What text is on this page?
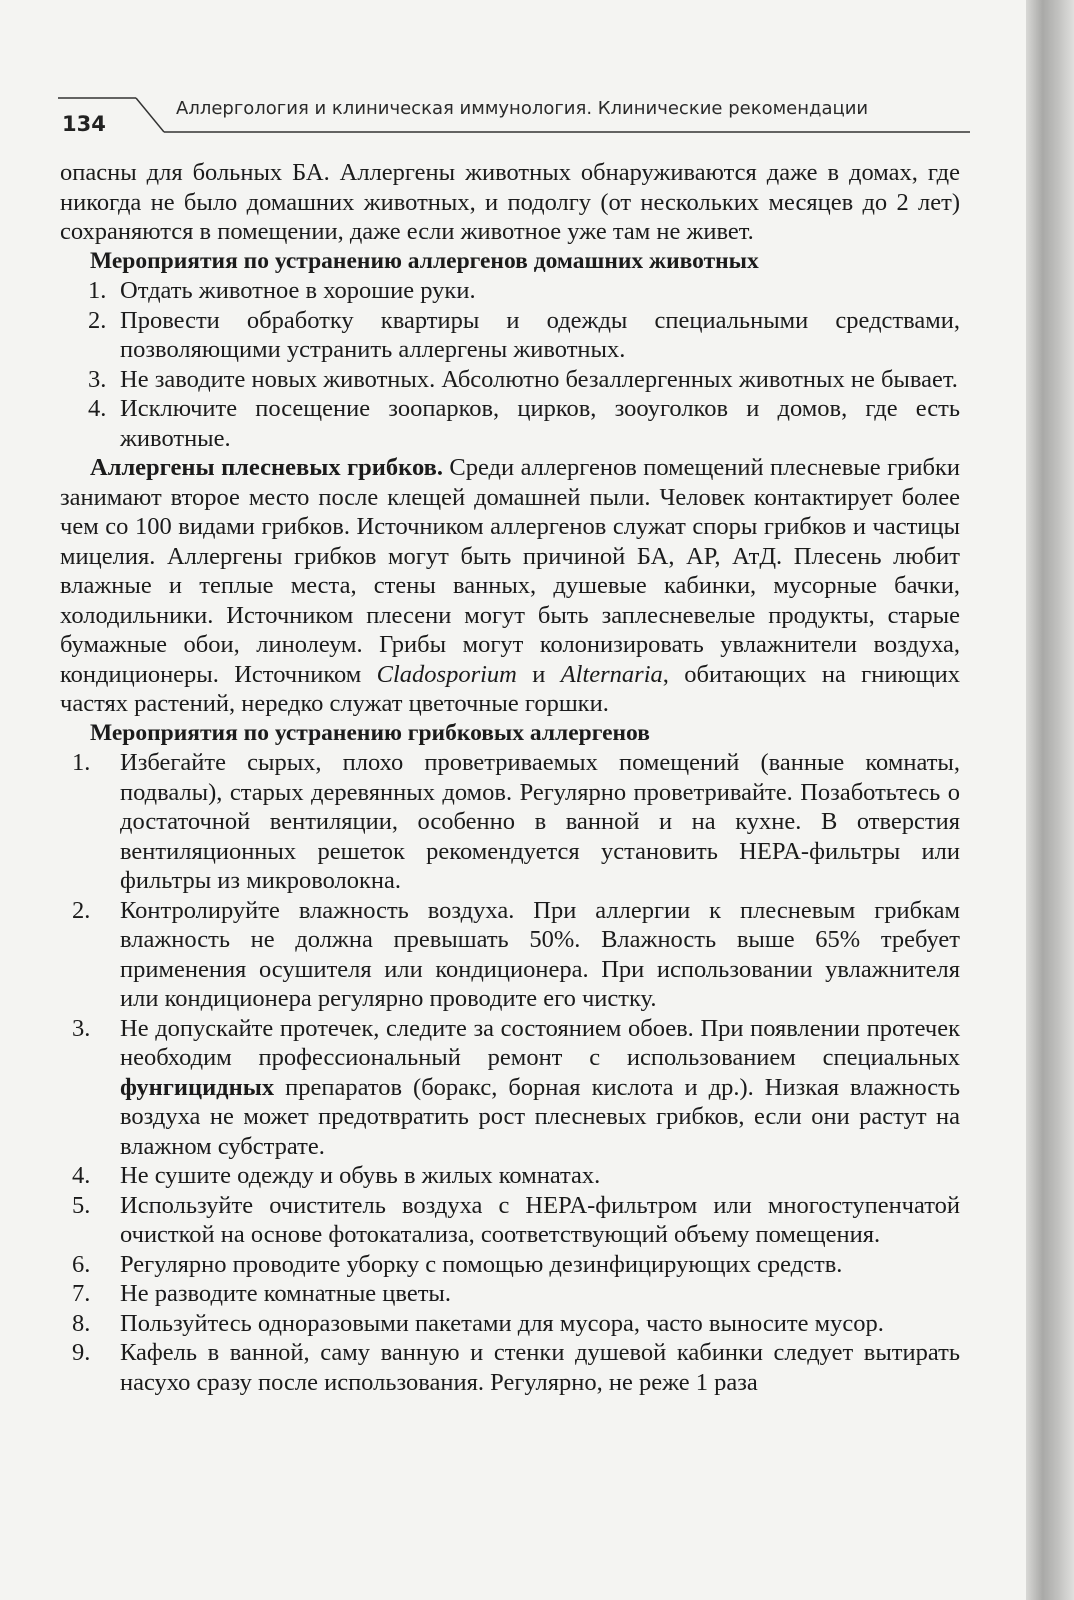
134
Аллергология и клиническая иммунология. Клинические рекомендации

опасны для больных БА. Аллергены животных обнаруживаются даже в домах, где никогда не было домашних животных, и подолгу (от нескольких месяцев до 2 лет) сохраняются в помещении, даже если животное уже там не живет.

Мероприятия по устранению аллергенов домашних животных

1. Отдать животное в хорошие руки.
2. Провести обработку квартиры и одежды специальными средствами, позволяющими устранить аллергены животных.
3. Не заводите новых животных. Абсолютно безаллергенных животных не бывает.
4. Исключите посещение зоопарков, цирков, зооуголков и домов, где есть животные.

Аллергены плесневых грибков. Среди аллергенов помещений плесневые грибки занимают второе место после клещей домашней пыли. Человек контактирует более чем со 100 видами грибков. Источником аллергенов служат споры грибков и частицы мицелия. Аллергены грибков могут быть причиной БА, АР, АтД. Плесень любит влажные и теплые места, стены ванных, душевые кабинки, мусорные бачки, холодильники. Источником плесени могут быть заплесневелые продукты, старые бумажные обои, линолеум. Грибы могут колонизировать увлажнители воздуха, кондиционеры. Источником Cladosporium и Alternaria, обитающих на гниющих частях растений, нередко служат цветочные горшки.

Мероприятия по устранению грибковых аллергенов

1. Избегайте сырых, плохо проветриваемых помещений (ванные комнаты, подвалы), старых деревянных домов. Регулярно проветривайте. Позаботьтесь о достаточной вентиляции, особенно в ванной и на кухне. В отверстия вентиляционных решеток рекомендуется установить HEPA-фильтры или фильтры из микроволокна.
2. Контролируйте влажность воздуха. При аллергии к плесневым грибкам влажность не должна превышать 50%. Влажность выше 65% требует применения осушителя или кондиционера. При использовании увлажнителя или кондиционера регулярно проводите его чистку.
3. Не допускайте протечек, следите за состоянием обоев. При появлении протечек необходим профессиональный ремонт с использованием специальных фунгицидных препаратов (боракс, борная кислота и др.). Низкая влажность воздуха не может предотвратить рост плесневых грибков, если они растут на влажном субстрате.
4. Не сушите одежду и обувь в жилых комнатах.
5. Используйте очиститель воздуха с HEPA-фильтром или многоступенчатой очисткой на основе фотокатализа, соответствующий объему помещения.
6. Регулярно проводите уборку с помощью дезинфицирующих средств.
7. Не разводите комнатные цветы.
8. Пользуйтесь одноразовыми пакетами для мусора, часто выносите мусор.
9. Кафель в ванной, саму ванную и стенки душевой кабинки следует вытирать насухо сразу после использования. Регулярно, не реже 1 раза
